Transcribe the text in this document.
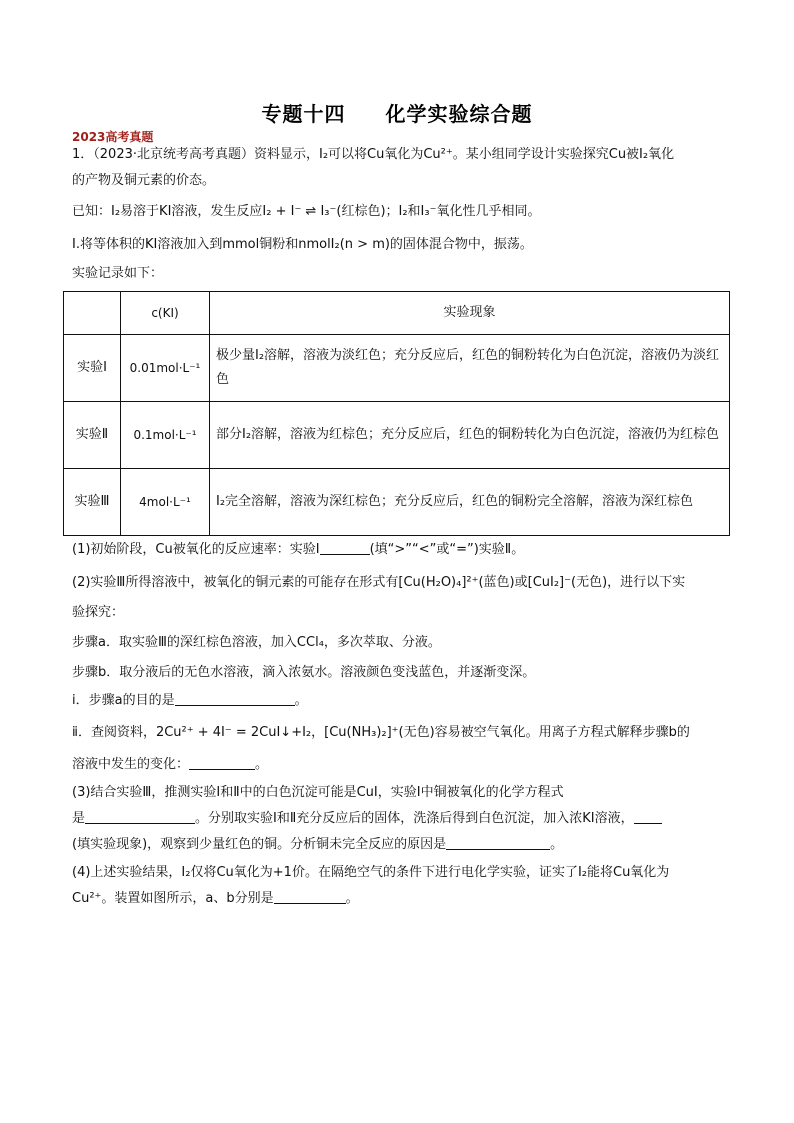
专题十四 化学实验综合题
2023高考真题
1．（2023·北京统考高考真题）资料显示，I₂可以将Cu氧化为Cu²⁺。某小组同学设计实验探究Cu被I₂氧化
的产物及铜元素的价态。
已知：I₂易溶于KI溶液，发生反应I₂ + I⁻ ⇌ I₃⁻(红棕色)；I₂和I₃⁻氧化性几乎相同。
Ⅰ.将等体积的KI溶液加入到mmol铜粉和nmolI₂(n > m)的固体混合物中，振荡。
实验记录如下：
	c(KI)	实验现象
实验Ⅰ	0.01mol·L⁻¹	极少量I₂溶解，溶液为淡红色；充分反应后，红色的铜粉转化为白色沉淀，溶液仍为淡红色
实验Ⅱ	0.1mol·L⁻¹	部分I₂溶解，溶液为红棕色；充分反应后，红色的铜粉转化为白色沉淀，溶液仍为红棕色
实验Ⅲ	4mol·L⁻¹	I₂完全溶解，溶液为深红棕色；充分反应后，红色的铜粉完全溶解，溶液为深红棕色
(1)初始阶段，Cu被氧化的反应速率：实验Ⅰ	(填“>”“<”或“=”)实验Ⅱ。
(2)实验Ⅲ所得溶液中，被氧化的铜元素的可能存在形式有[Cu(H₂O)₄]²⁺(蓝色)或[CuI₂]⁻(无色)，进行以下实
验探究：
步骤a．取实验Ⅲ的深红棕色溶液，加入CCl₄，多次萃取、分液。
步骤b．取分液后的无色水溶液，滴入浓氨水。溶液颜色变浅蓝色，并逐渐变深。
ⅰ．步骤a的目的是	。
ⅱ．查阅资料，2Cu²⁺ + 4I⁻ = 2CuI↓+I₂，[Cu(NH₃)₂]⁺(无色)容易被空气氧化。用离子方程式解释步骤b的
溶液中发生的变化：	。
(3)结合实验Ⅲ，推测实验Ⅰ和Ⅱ中的白色沉淀可能是CuI，实验Ⅰ中铜被氧化的化学方程式
是	。分别取实验Ⅰ和Ⅱ充分反应后的固体，洗涤后得到白色沉淀，加入浓KI溶液，
(填实验现象)，观察到少量红色的铜。分析铜未完全反应的原因是	。
(4)上述实验结果，I₂仅将Cu氧化为+1价。在隔绝空气的条件下进行电化学实验，证实了I₂能将Cu氧化为
Cu²⁺。装置如图所示，a、b分别是	。
